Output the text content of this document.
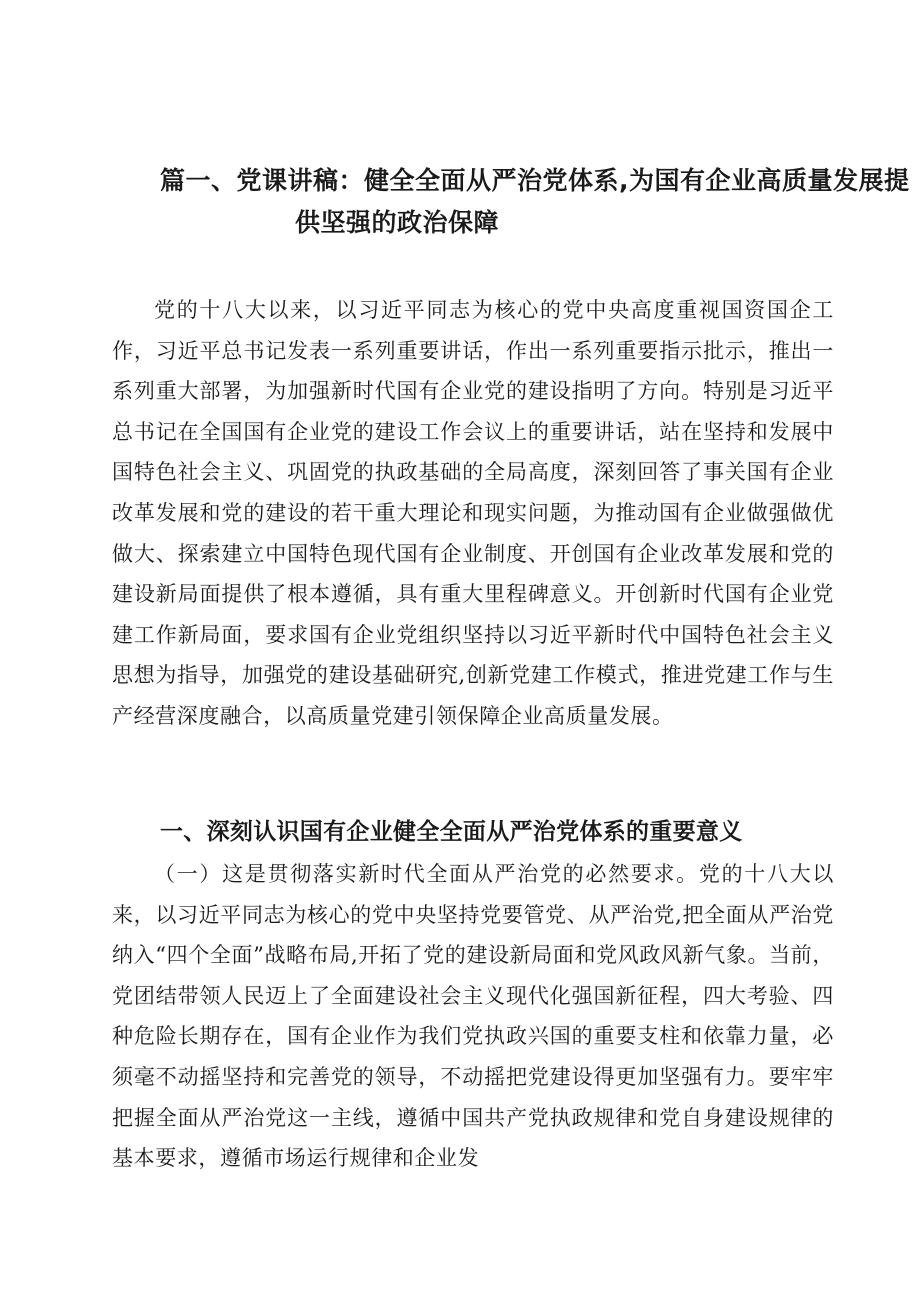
篇一、党课讲稿：健全全面从严治党体系,为国有企业高质量发展提
供坚强的政治保障

党的十八大以来，以习近平同志为核心的党中央高度重视国资国企工作，习近平总书记发表一系列重要讲话，作出一系列重要指示批示，推出一系列重大部署，为加强新时代国有企业党的建设指明了方向。特别是习近平总书记在全国国有企业党的建设工作会议上的重要讲话，站在坚持和发展中国特色社会主义、巩固党的执政基础的全局高度，深刻回答了事关国有企业改革发展和党的建设的若干重大理论和现实问题，为推动国有企业做强做优做大、探索建立中国特色现代国有企业制度、开创国有企业改革发展和党的建设新局面提供了根本遵循，具有重大里程碑意义。开创新时代国有企业党建工作新局面，要求国有企业党组织坚持以习近平新时代中国特色社会主义思想为指导，加强党的建设基础研究,创新党建工作模式，推进党建工作与生产经营深度融合，以高质量党建引领保障企业高质量发展。

一、深刻认识国有企业健全全面从严治党体系的重要意义

（一）这是贯彻落实新时代全面从严治党的必然要求。党的十八大以来，以习近平同志为核心的党中央坚持党要管党、从严治党,把全面从严治党纳入“四个全面”战略布局,开拓了党的建设新局面和党风政风新气象。当前，党团结带领人民迈上了全面建设社会主义现代化强国新征程，四大考验、四种危险长期存在，国有企业作为我们党执政兴国的重要支柱和依靠力量，必须毫不动摇坚持和完善党的领导，不动摇把党建设得更加坚强有力。要牢牢把握全面从严治党这一主线，遵循中国共产党执政规律和党自身建设规律的基本要求，遵循市场运行规律和企业发
